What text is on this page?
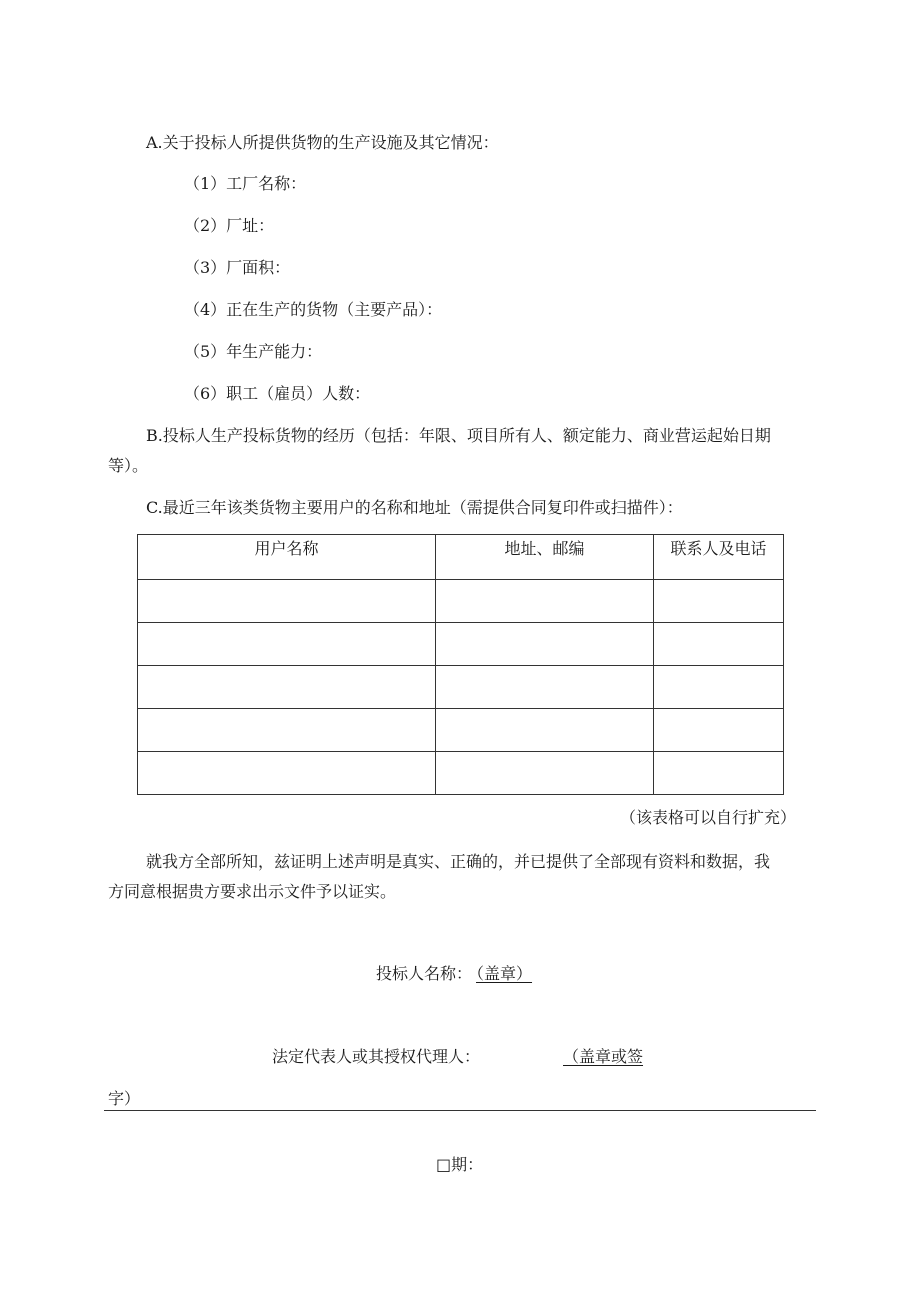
A.关于投标人所提供货物的生产设施及其它情况：
（1）工厂名称：
（2）厂址：
（3）厂面积：
（4）正在生产的货物（主要产品）：
（5）年生产能力：
（6）职工（雇员）人数：
B.投标人生产投标货物的经历（包括：年限、项目所有人、额定能力、商业营运起始日期
等）。
C.最近三年该类货物主要用户的名称和地址（需提供合同复印件或扫描件）：
用户名称	地址、邮编	联系人及电话

（该表格可以自行扩充）
就我方全部所知，兹证明上述声明是真实、正确的，并已提供了全部现有资料和数据，我
方同意根据贵方要求出示文件予以证实。
投标人名称： （盖章）
法定代表人或其授权代理人：	（盖章或签
字）
□期：
